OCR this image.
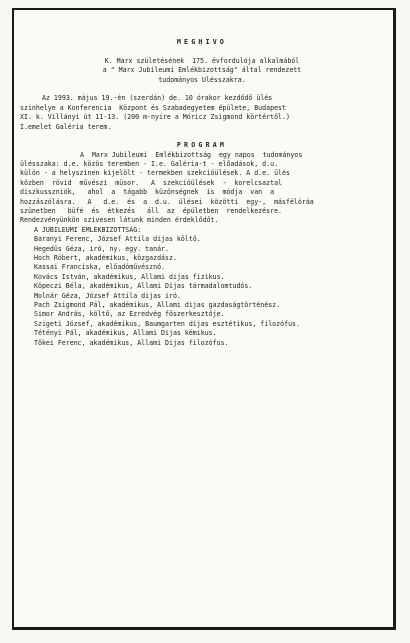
MEGHIVO
K. Marx születésének  175. évfordulója alkalmából
a " Marx Jubileumi Emlékbizottság" által rendezett
tudományos Ulésszakra.
Az 1993. május 19.-én (szerdán) de. 10 órakor kezdődő ülés
szinhelye a Konferencia  Központ és Szabadegyetem épülete, Budapest
XI. k. Villányi út 11-13. (200 m-nyire a Móricz Zsigmond körtértől.)
I.emelet Galéria terem.
PROGRAM
A  Marx Jubileumi  Emlékbizottság  egy napos  tudományos
ülésszaka: d.e. közös teremben - I.e. Galéria-t - előadások, d.u.
külön - a helyszinen kijelölt - termekben szekcióülések. A d.e. ülés
közben  rövid  művészi  müsor.   A  szekcióülések  -  korelcsaztal
diszkusszniók,   ahol  a  tágabb  küzönségnek  is  módja  van  a
hozzászólásra.   A   d.e.  és  a  d.u.  ülései  közötti  egy-,  másfélóráa
szünetben   büfé  és  étkezés   áll  az  épületben  rendelkezésre.
Rendezvényünkön szivesen látunk minden érdeklődőt.
A JUBILEUMI EMLÉKBIZOTTSÁG:
Baranyi Ferenc, József Attila dijas költő.
Hegedüs Géza, iró, ny. egy. tanár.
Hoch Róbert, akadémikus, közgazdász.
Kassai Franciska, előadóművésznő.
Kovács István, akadémikus, Állami dijas fizikus.
Köpeczi Béla, akadémikus, Állami Dijas tármadalomtudós.
Molnár Géza, József Attila dijas iró.
Pach Zsigmond Pál, akadémikus, Állami dijas gazdaságtörténész.
Simor András, költő, az Ezredvég főszerkesztője.
Szigeti József, akadémikus, Baumgarten dijas esztétikus, filozófus.
Tétényi Pál, akadémikus, Állami Dijas kémikus.
Tőkei Ferenc, akadémikus, Állami Dijas filozófus.
